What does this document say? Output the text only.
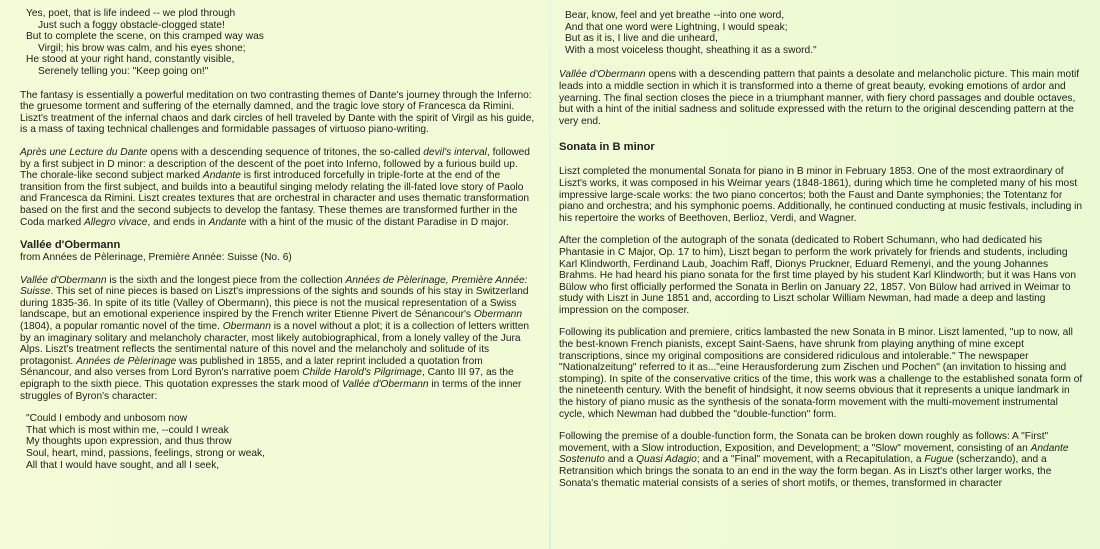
Yes, poet, that is life indeed -- we plod through
Just such a foggy obstacle-clogged state!
But to complete the scene, on this cramped way was
Virgil; his brow was calm, and his eyes shone;
He stood at your right hand, constantly visible,
Serenely telling you: "Keep going on!"

The fantasy is essentially a powerful meditation on two contrasting themes of Dante's journey through the Inferno: the gruesome torment and suffering of the eternally damned, and the tragic love story of Francesca da Rimini. Liszt's treatment of the infernal chaos and dark circles of hell traveled by Dante with the spirit of Virgil as his guide, is a mass of taxing technical challenges and formidable passages of virtuoso piano-writing.

Après une Lecture du Dante opens with a descending sequence of tritones, the so-called devil's interval, followed by a first subject in D minor: a description of the descent of the poet into Inferno, followed by a furious build up. The chorale-like second subject marked Andante is first introduced forcefully in triple-forte at the end of the transition from the first subject, and builds into a beautiful singing melody relating the ill-fated love story of Paolo and Francesca da Rimini. Liszt creates textures that are orchestral in character and uses thematic transformation based on the first and the second subjects to develop the fantasy. These themes are transformed further in the Coda marked Allegro vivace, and ends in Andante with a hint of the music of the distant Paradise in D major.

Vallée d'Obermann
from Années de Pèlerinage, Première Année: Suisse (No. 6)

Vallée d'Obermann is the sixth and the longest piece from the collection Années de Pèlerinage, Première Année: Suisse. This set of nine pieces is based on Liszt's impressions of the sights and sounds of his stay in Switzerland during 1835-36. In spite of its title (Valley of Obermann), this piece is not the musical representation of a Swiss landscape, but an emotional experience inspired by the French writer Etienne Pivert de Sénancour's Obermann (1804), a popular romantic novel of the time. Obermann is a novel without a plot; it is a collection of letters written by an imaginary solitary and melancholy character, most likely autobiographical, from a lonely valley of the Jura Alps. Liszt's treatment reflects the sentimental nature of this novel and the melancholy and solitude of its protagonist. Années de Pèlerinage was published in 1855, and a later reprint included a quotation from Sénancour, and also verses from Lord Byron's narrative poem Childe Harold's Pilgrimage, Canto III 97, as the epigraph to the sixth piece. This quotation expresses the stark mood of Vallée d'Obermann in terms of the inner struggles of Byron's character:

"Could I embody and unbosom now
That which is most within me, --could I wreak
My thoughts upon expression, and thus throw
Soul, heart, mind, passions, feelings, strong or weak,
All that I would have sought, and all I seek,
Bear, know, feel and yet breathe --into one word,
And that one word were Lightning, I would speak;
But as it is, I live and die unheard,
With a most voiceless thought, sheathing it as a sword."

Vallée d'Obermann opens with a descending pattern that paints a desolate and melancholic picture. This main motif leads into a middle section in which it is transformed into a theme of great beauty, evoking emotions of ardor and yearning. The final section closes the piece in a triumphant manner, with fiery chord passages and double octaves, but with a hint of the initial sadness and solitude expressed with the return to the original descending pattern at the very end.

Sonata in B minor

Liszt completed the monumental Sonata for piano in B minor in February 1853. One of the most extraordinary of Liszt's works, it was composed in his Weimar years (1848-1861), during which time he completed many of his most impressive large-scale works: the two piano concertos; both the Faust and Dante symphonies; the Totentanz for piano and orchestra; and his symphonic poems. Additionally, he continued conducting at music festivals, including in his repertoire the works of Beethoven, Berlioz, Verdi, and Wagner.

After the completion of the autograph of the sonata (dedicated to Robert Schumann, who had dedicated his Phantasie in C Major, Op. 17 to him), Liszt began to perform the work privately for friends and students, including Karl Klindworth, Ferdinand Laub, Joachim Raff, Dionys Pruckner, Eduard Remenyi, and the young Johannes Brahms. He had heard his piano sonata for the first time played by his student Karl Klindworth; but it was Hans von Bülow who first officially performed the Sonata in Berlin on January 22, 1857. Von Bülow had arrived in Weimar to study with Liszt in June 1851 and, according to Liszt scholar William Newman, had made a deep and lasting impression on the composer.

Following its publication and premiere, critics lambasted the new Sonata in B minor. Liszt lamented, "up to now, all the best-known French pianists, except Saint-Saens, have shrunk from playing anything of mine except transcriptions, since my original compositions are considered ridiculous and intolerable." The newspaper "Nationalzeitung" referred to it as..."eine Herausforderung zum Zischen und Pochen" (an invitation to hissing and stomping). In spite of the conservative critics of the time, this work was a challenge to the established sonata form of the nineteenth century. With the benefit of hindsight, it now seems obvious that it represents a unique landmark in the history of piano music as the synthesis of the sonata-form movement with the multi-movement instrumental cycle, which Newman had dubbed the "double-function" form.

Following the premise of a double-function form, the Sonata can be broken down roughly as follows: A "First" movement, with a Slow introduction, Exposition, and Development; a "Slow" movement, consisting of an Andante Sostenuto and a Quasi Adagio; and a "Final" movement, with a Recapitulation, a Fugue (scherzando), and a Retransition which brings the sonata to an end in the way the form began. As in Liszt's other larger works, the Sonata's thematic material consists of a series of short motifs, or themes, transformed in character
